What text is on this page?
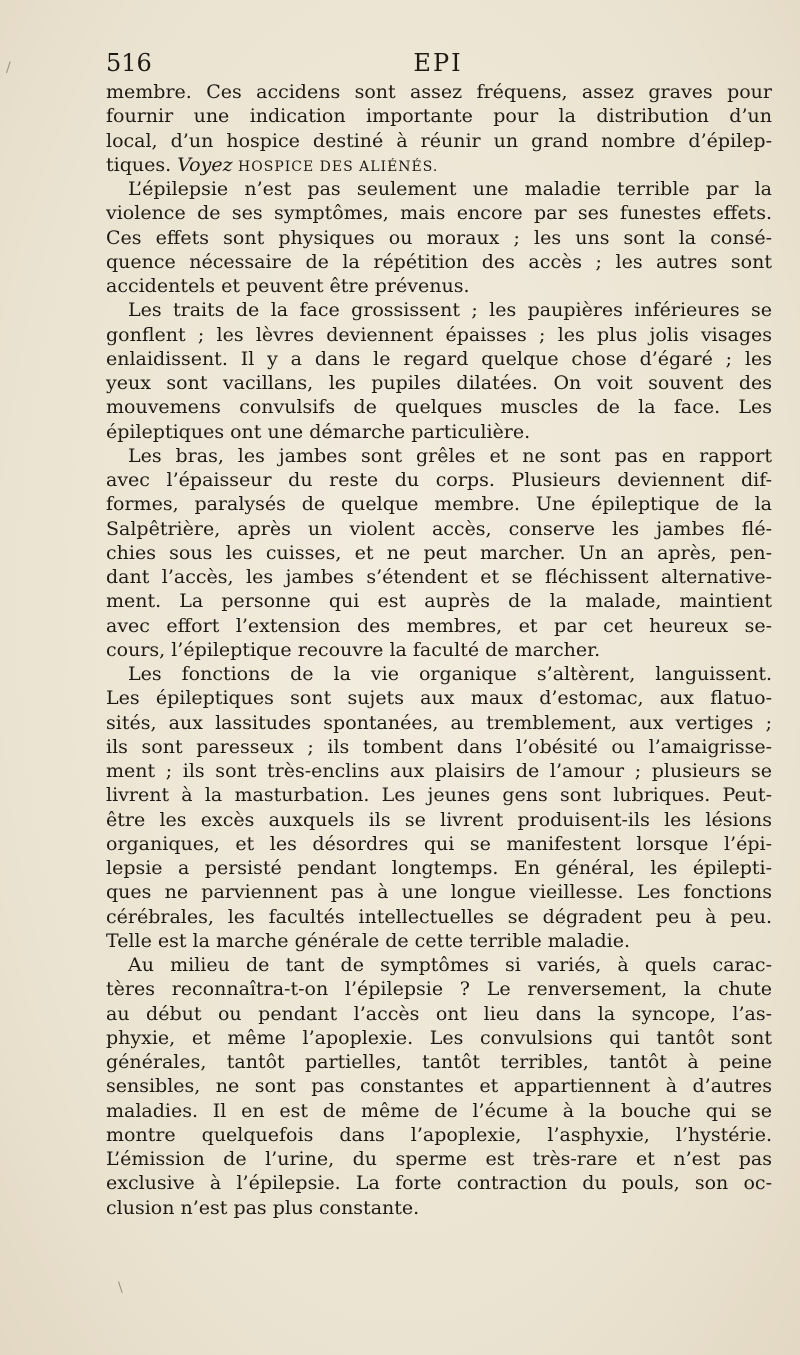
516	EPI
membre. Ces accidens sont assez fréquens, assez graves pour
fournir une indication importante pour la distribution d’un
local, d’un hospice destiné à réunir un grand nombre d’épilep-
tiques. Voyez HOSPICE DES ALIÉNÉS.
L’épilepsie n’est pas seulement une maladie terrible par la
violence de ses symptômes, mais encore par ses funestes effets.
Ces effets sont physiques ou moraux ; les uns sont la consé-
quence nécessaire de la répétition des accès ; les autres sont
accidentels et peuvent être prévenus.
Les traits de la face grossissent ; les paupières inférieures se
gonflent ; les lèvres deviennent épaisses ; les plus jolis visages
enlaidissent. Il y a dans le regard quelque chose d’égaré ; les
yeux sont vacillans, les pupiles dilatées. On voit souvent des
mouvemens convulsifs de quelques muscles de la face. Les
épileptiques ont une démarche particulière.
Les bras, les jambes sont grêles et ne sont pas en rapport
avec l’épaisseur du reste du corps. Plusieurs deviennent dif-
formes, paralysés de quelque membre. Une épileptique de la
Salpêtrière, après un violent accès, conserve les jambes flé-
chies sous les cuisses, et ne peut marcher. Un an après, pen-
dant l’accès, les jambes s’étendent et se fléchissent alternative-
ment. La personne qui est auprès de la malade, maintient
avec effort l’extension des membres, et par cet heureux se-
cours, l’épileptique recouvre la faculté de marcher.
Les fonctions de la vie organique s’altèrent, languissent.
Les épileptiques sont sujets aux maux d’estomac, aux flatuo-
sités, aux lassitudes spontanées, au tremblement, aux vertiges ;
ils sont paresseux ; ils tombent dans l’obésité ou l’amaigrisse-
ment ; ils sont très-enclins aux plaisirs de l’amour ; plusieurs se
livrent à la masturbation. Les jeunes gens sont lubriques. Peut-
être les excès auxquels ils se livrent produisent-ils les lésions
organiques, et les désordres qui se manifestent lorsque l’épi-
lepsie a persisté pendant longtemps. En général, les épilepti-
ques ne parviennent pas à une longue vieillesse. Les fonctions
cérébrales, les facultés intellectuelles se dégradent peu à peu.
Telle est la marche générale de cette terrible maladie.
Au milieu de tant de symptômes si variés, à quels carac-
tères reconnaîtra-t-on l’épilepsie ? Le renversement, la chute
au début ou pendant l’accès ont lieu dans la syncope, l’as-
phyxie, et même l’apoplexie. Les convulsions qui tantôt sont
générales, tantôt partielles, tantôt terribles, tantôt à peine
sensibles, ne sont pas constantes et appartiennent à d’autres
maladies. Il en est de même de l’écume à la bouche qui se
montre quelquefois dans l’apoplexie, l’asphyxie, l’hystérie.
L’émission de l’urine, du sperme est très-rare et n’est pas
exclusive à l’épilepsie. La forte contraction du pouls, son oc-
clusion n’est pas plus constante.
/
\
